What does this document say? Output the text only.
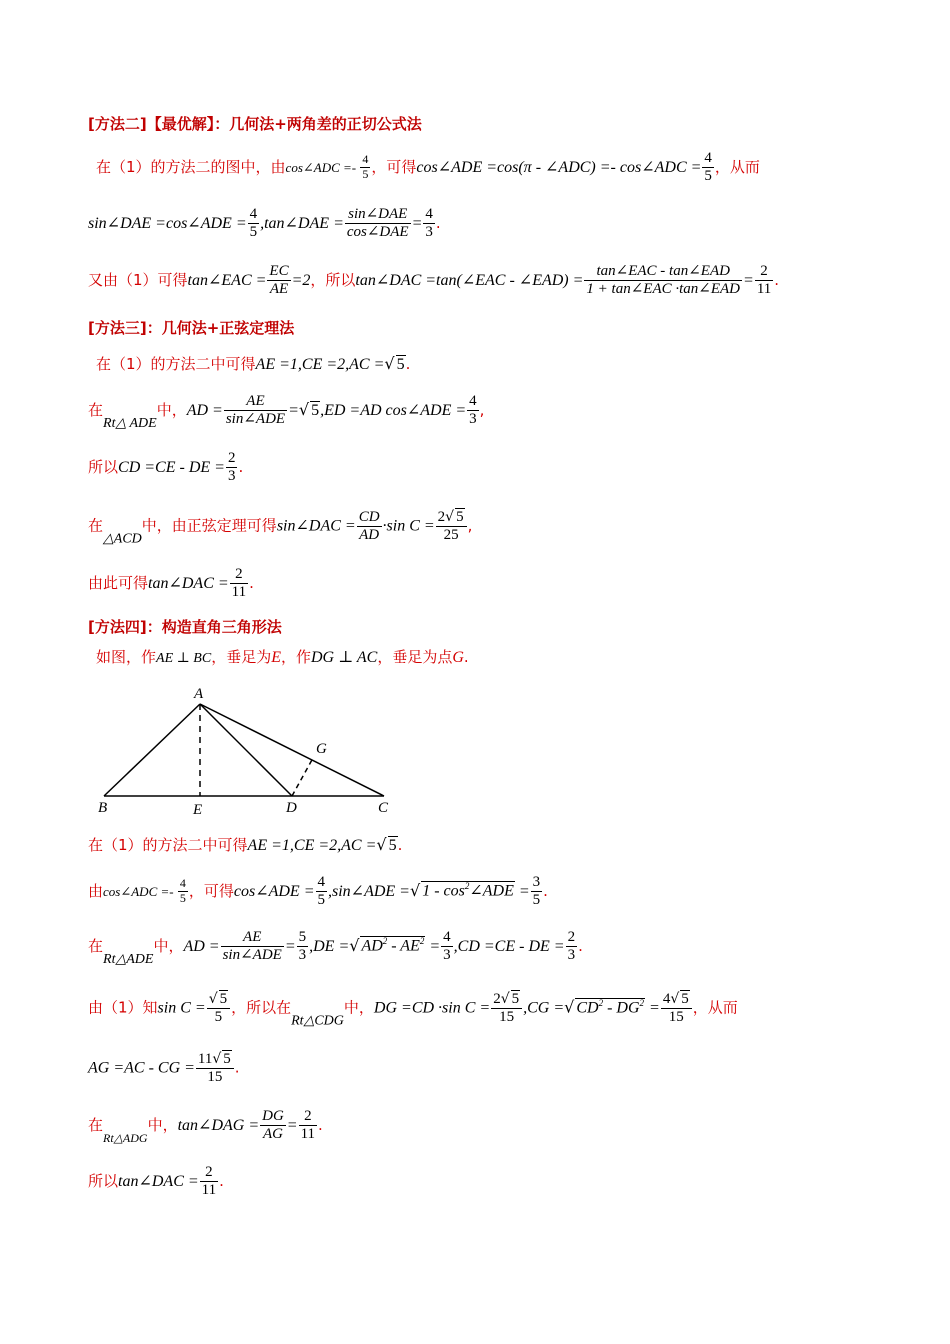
[方法二]【最优解】：几何法+两角差的正切公式法
在（1）的方法二的图中，由cos∠ADC =- $\frac{4}{5}$ ，可得cos∠ADE =cos(π - ∠ADC) =- cos∠ADC = $\frac{4}{5}$ ，从而
sin∠DAE =cos∠ADE = $\frac{4}{5}$ ,tan∠DAE = $\frac{\text{sin∠DAE}}{\text{cos∠DAE}} = \frac{4}{3}$ .
又由（1）可得tan∠EAC = $\frac{EC}{AE} =2$，所以tan∠DAC =tan(∠EAC - ∠EAD) = $\frac{\text{tan∠EAC - tan∠EAD}}{\text{1 + tan∠EAC ·tan∠EAD}} = \frac{2}{11}$ .
[方法三]：几何法+正弦定理法
在（1）的方法二中可得AE =1,CE =2,AC =√ 5.
在Rt△ ADE中，AD = $\frac{AE}{\text{sin∠ADE}}$ =√ 5,ED =AD cos∠ADE = $\frac{4}{3}$ ,
所以CD =CE - DE = $\frac{2}{3}$ .
在△ACD中，由正弦定理可得sin∠DAC = $\frac{CD}{AD} \cdot\sin$ $C = \frac{2√ 5}{25}$ ,
由此可得tan∠DAC = $\frac{2}{11}$ .
[方法四]：构造直角三角形法
如图，作AE ⊥ BC，垂足为E，作DG ⊥ AC，垂足为点G.
A
B	E	D	C
G
在（1）的方法二中可得AE =1,CE =2,AC =√ 5.
由cos∠ADC =- $\frac{4}{5}$ ，可得cos∠ADE = $\frac{4}{5}$ ,sin∠ADE =√ $1 - \cos^2\angle ADE = \frac{3}{5}$ .
在Rt△ADE中，AD = $\frac{AE}{\text{sin∠ADE}} = \frac{5}{3} ,DE$ =√ $AD^2 - AE^2 = \frac{4}{3} ,CD =CE$ - DE = $\frac{2}{3}$ .
由（1）知$\sin C = \frac{√ 5}{5}$ ，所以在Rt△CDG中，DG =CD ·sin $C = \frac{2√ 5}{15} ,CG$ =√ $CD^2 - DG^2 = \frac{4√ 5}{15}$ ，从而
AG =AC - CG = $\frac{11√ 5}{15}$ .
在$_{Rt\triangle ADG}$中，tan∠DAG = $\frac{DG}{AG} = \frac{2}{11}$ .
所以tan∠DAC = $\frac{2}{11}$ .
